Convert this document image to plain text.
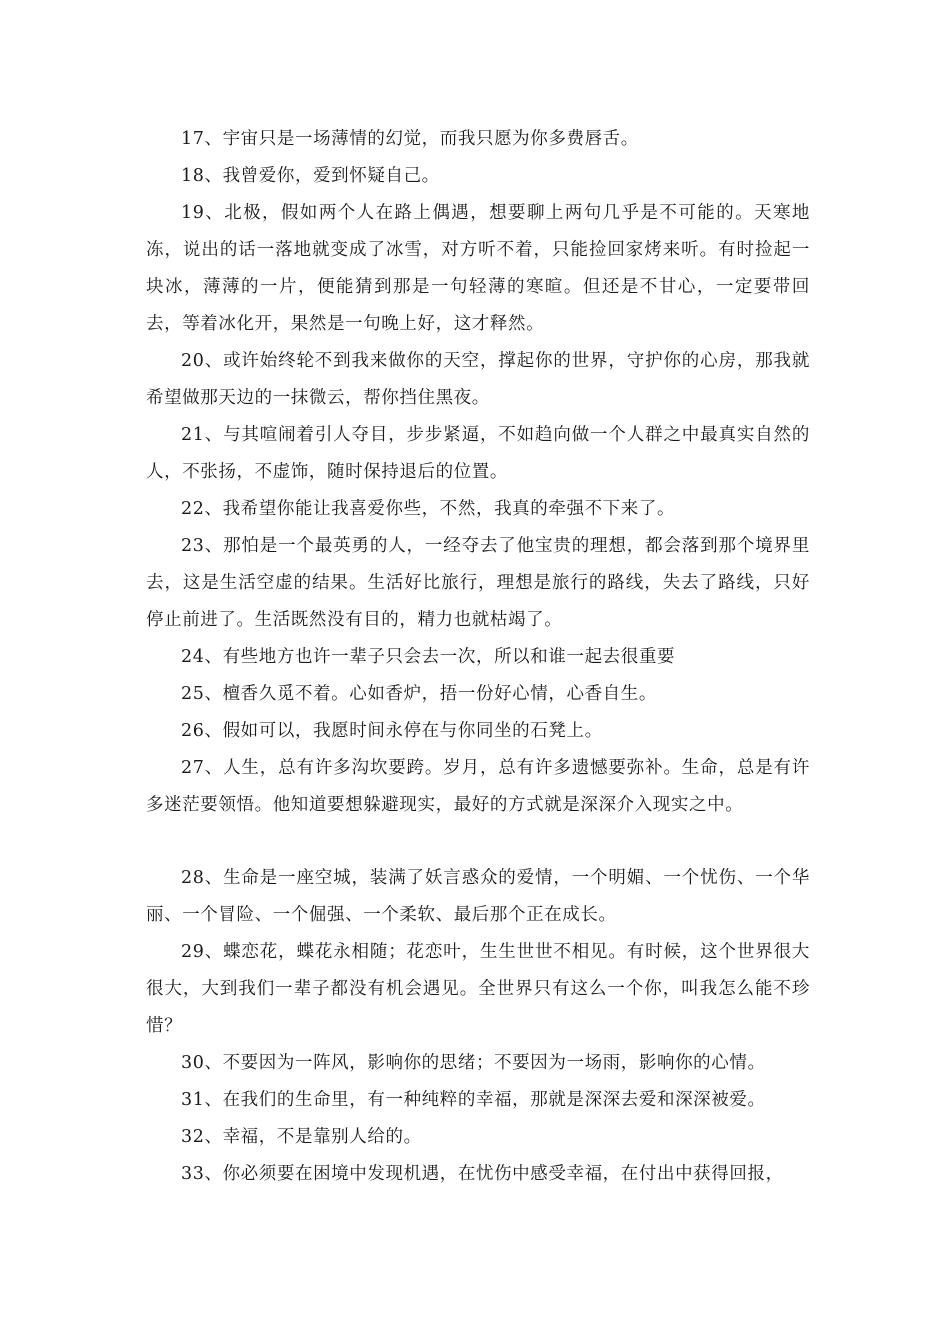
17、宇宙只是一场薄情的幻觉，而我只愿为你多费唇舌。

18、我曾爱你，爱到怀疑自己。

19、北极，假如两个人在路上偶遇，想要聊上两句几乎是不可能的。天寒地冻，说出的话一落地就变成了冰雪，对方听不着，只能捡回家烤来听。有时捡起一块冰，薄薄的一片，便能猜到那是一句轻薄的寒暄。但还是不甘心，一定要带回去，等着冰化开，果然是一句晚上好，这才释然。

20、或许始终轮不到我来做你的天空，撑起你的世界，守护你的心房，那我就希望做那天边的一抹微云，帮你挡住黑夜。

21、与其喧闹着引人夺目，步步紧逼，不如趋向做一个人群之中最真实自然的人，不张扬，不虚饰，随时保持退后的位置。

22、我希望你能让我喜爱你些，不然，我真的牵强不下来了。

23、那怕是一个最英勇的人，一经夺去了他宝贵的理想，都会落到那个境界里去，这是生活空虚的结果。生活好比旅行，理想是旅行的路线，失去了路线，只好停止前进了。生活既然没有目的，精力也就枯竭了。

24、有些地方也许一辈子只会去一次，所以和谁一起去很重要

25、檀香久觅不着。心如香炉，捂一份好心情，心香自生。

26、假如可以，我愿时间永停在与你同坐的石凳上。

27、人生，总有许多沟坎要跨。岁月，总有许多遗憾要弥补。生命，总是有许多迷茫要领悟。他知道要想躲避现实，最好的方式就是深深介入现实之中。

28、生命是一座空城，装满了妖言惑众的爱情，一个明媚、一个忧伤、一个华丽、一个冒险、一个倔强、一个柔软、最后那个正在成长。

29、蝶恋花，蝶花永相随；花恋叶，生生世世不相见。有时候，这个世界很大很大，大到我们一辈子都没有机会遇见。全世界只有这么一个你，叫我怎么能不珍惜？

30、不要因为一阵风，影响你的思绪；不要因为一场雨，影响你的心情。

31、在我们的生命里，有一种纯粹的幸福，那就是深深去爱和深深被爱。

32、幸福，不是靠别人给的。

33、你必须要在困境中发现机遇，在忧伤中感受幸福，在付出中获得回报，
